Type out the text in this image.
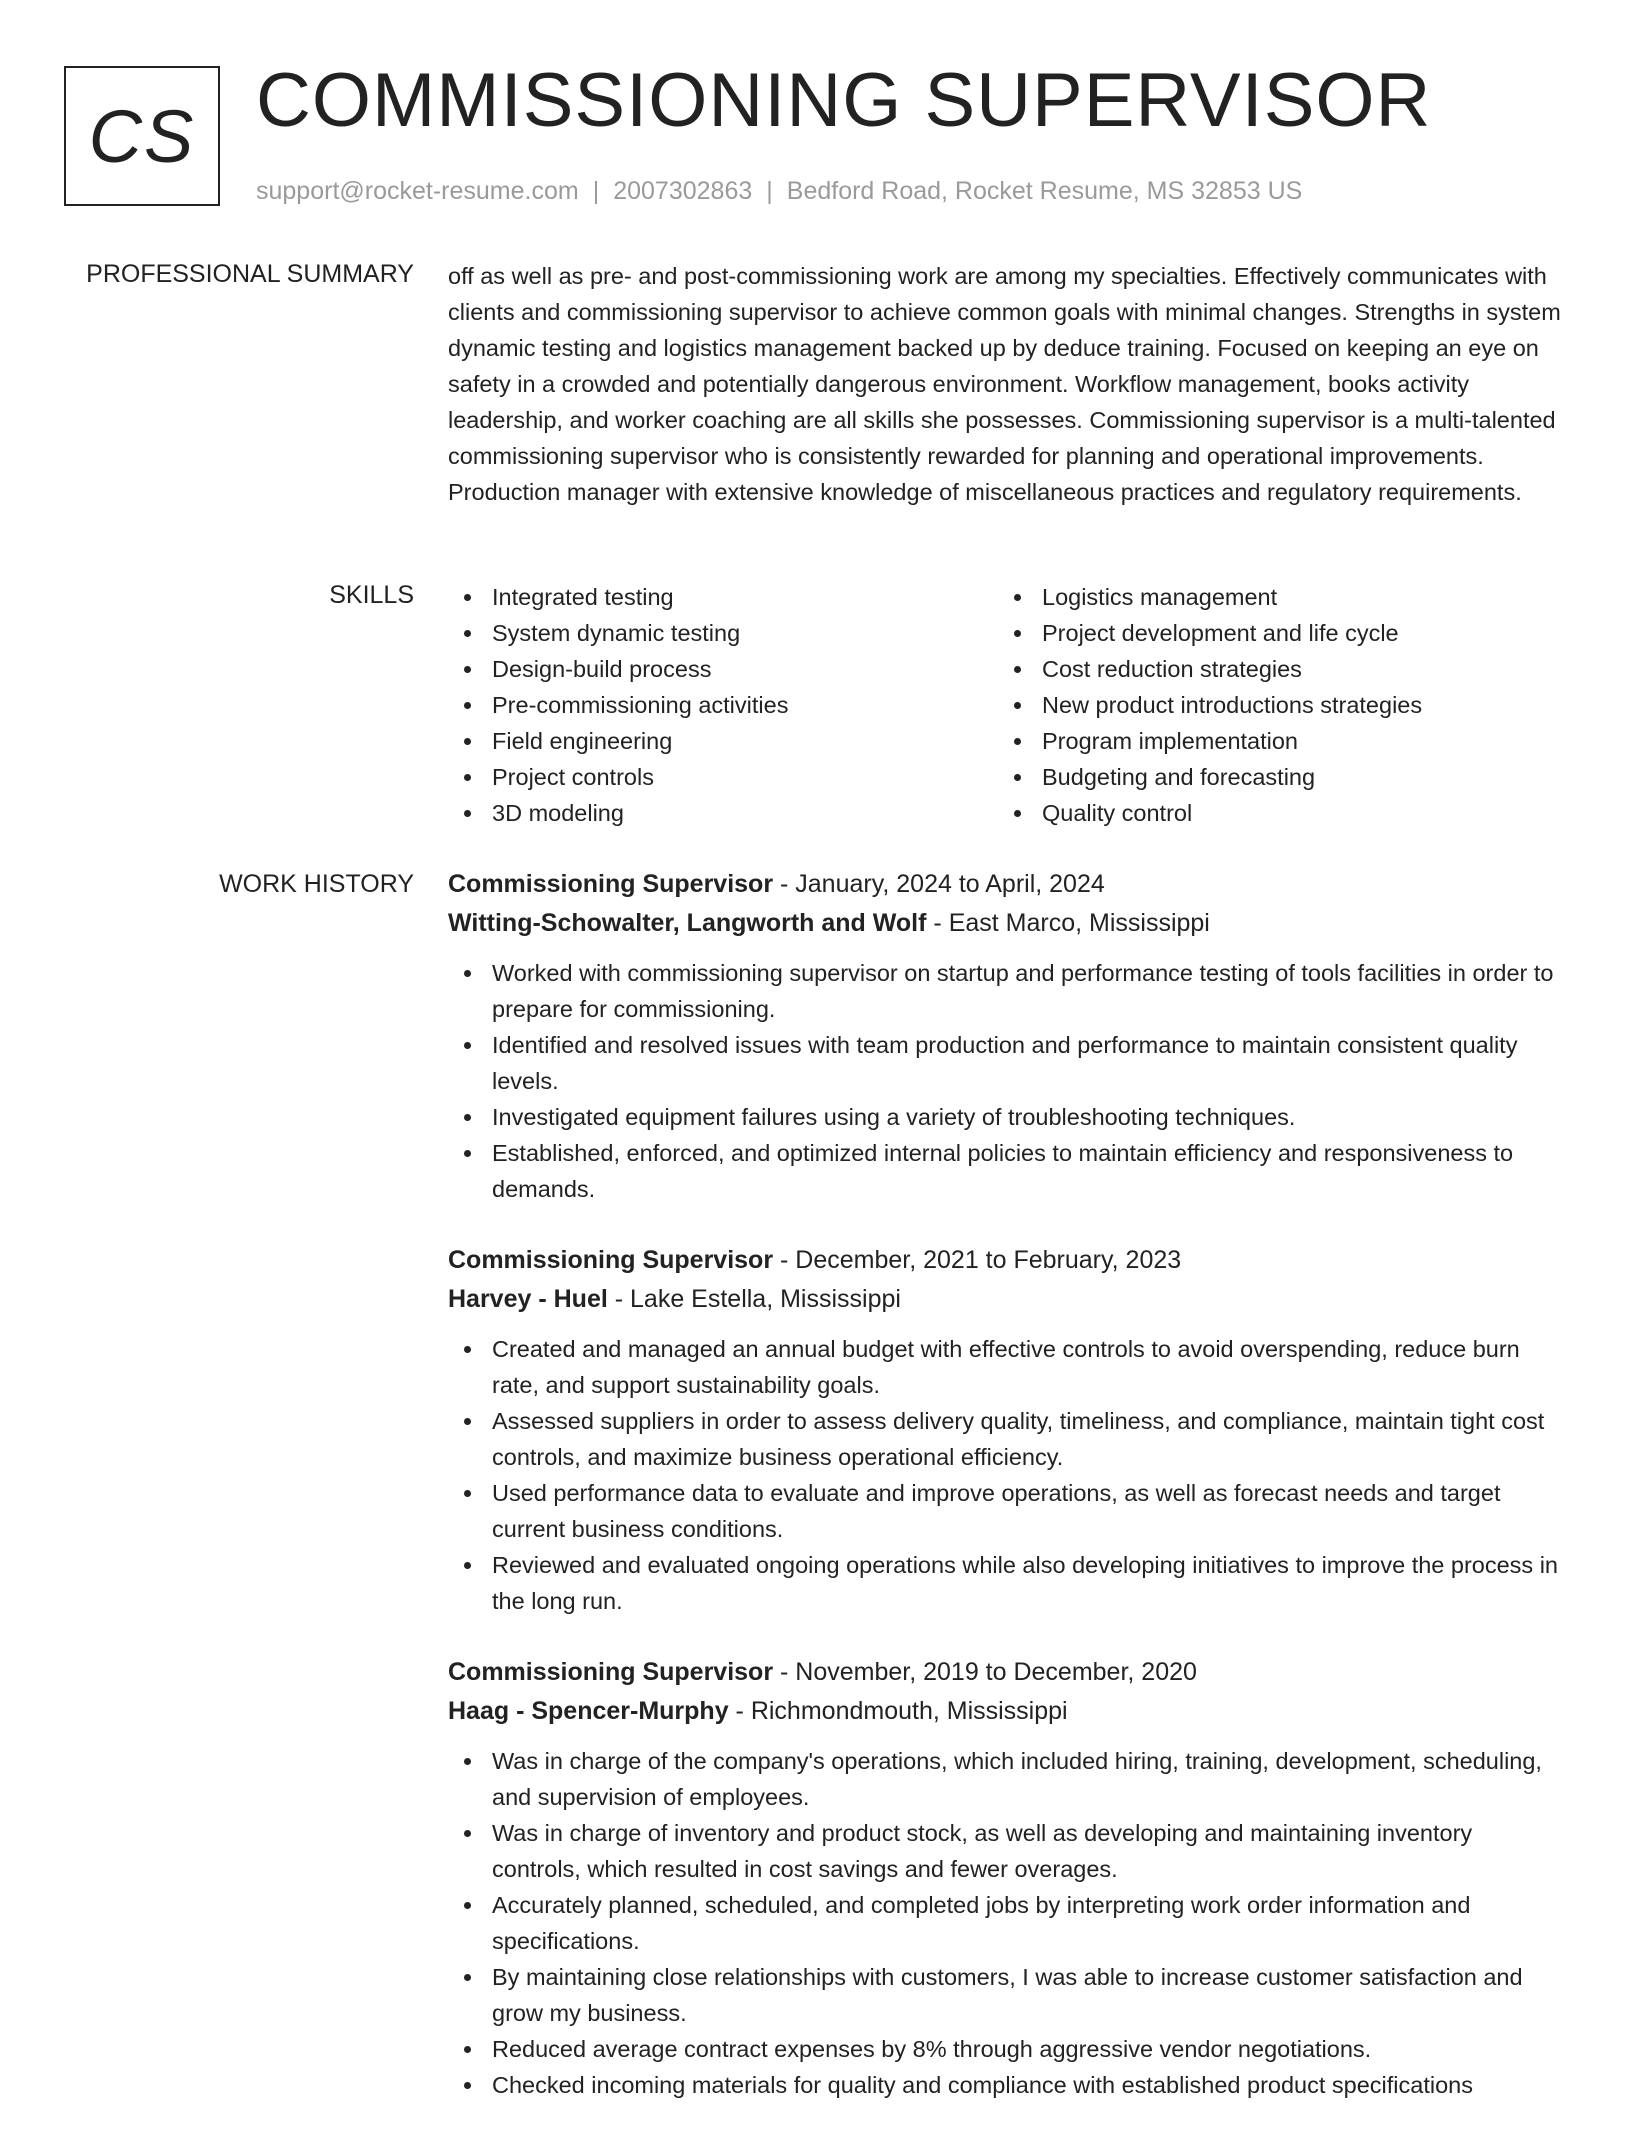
CS COMMISSIONING SUPERVISOR
support@rocket-resume.com | 2007302863 | Bedford Road, Rocket Resume, MS 32853 US
PROFESSIONAL SUMMARY off as well as pre- and post-commissioning work are among my specialties. Effectively communicates with clients and commissioning supervisor to achieve common goals with minimal changes. Strengths in system dynamic testing and logistics management backed up by deduce training. Focused on keeping an eye on safety in a crowded and potentially dangerous environment. Workflow management, books activity leadership, and worker coaching are all skills she possesses. Commissioning supervisor is a multi-talented commissioning supervisor who is consistently rewarded for planning and operational improvements. Production manager with extensive knowledge of miscellaneous practices and regulatory requirements.

SKILLS	Integrated testing
System dynamic testing
Design-build process
Pre-commissioning activities
Field engineering
Project controls
3D modeling
Logistics management
Project development and life cycle
Cost reduction strategies
New product introductions strategies
Program implementation
Budgeting and forecasting
Quality control
WORK HISTORY Commissioning Supervisor - January, 2024 to April, 2024
Witting-Schowalter, Langworth and Wolf - East Marco, Mississippi
Worked with commissioning supervisor on startup and performance testing of tools facilities in order to prepare for commissioning.
Identified and resolved issues with team production and performance to maintain consistent quality levels.
Investigated equipment failures using a variety of troubleshooting techniques.
Established, enforced, and optimized internal policies to maintain efficiency and responsiveness to demands.
Commissioning Supervisor - December, 2021 to February, 2023
Harvey - Huel - Lake Estella, Mississippi
Created and managed an annual budget with effective controls to avoid overspending, reduce burn rate, and support sustainability goals.
Assessed suppliers in order to assess delivery quality, timeliness, and compliance, maintain tight cost controls, and maximize business operational efficiency.
Used performance data to evaluate and improve operations, as well as forecast needs and target current business conditions.
Reviewed and evaluated ongoing operations while also developing initiatives to improve the process in the long run.
Commissioning Supervisor - November, 2019 to December, 2020
Haag - Spencer-Murphy - Richmondmouth, Mississippi
Was in charge of the company's operations, which included hiring, training, development, scheduling, and supervision of employees.
Was in charge of inventory and product stock, as well as developing and maintaining inventory controls, which resulted in cost savings and fewer overages.
Accurately planned, scheduled, and completed jobs by interpreting work order information and specifications.
By maintaining close relationships with customers, I was able to increase customer satisfaction and grow my business.
Reduced average contract expenses by 8% through aggressive vendor negotiations.
Checked incoming materials for quality and compliance with established product specifications
